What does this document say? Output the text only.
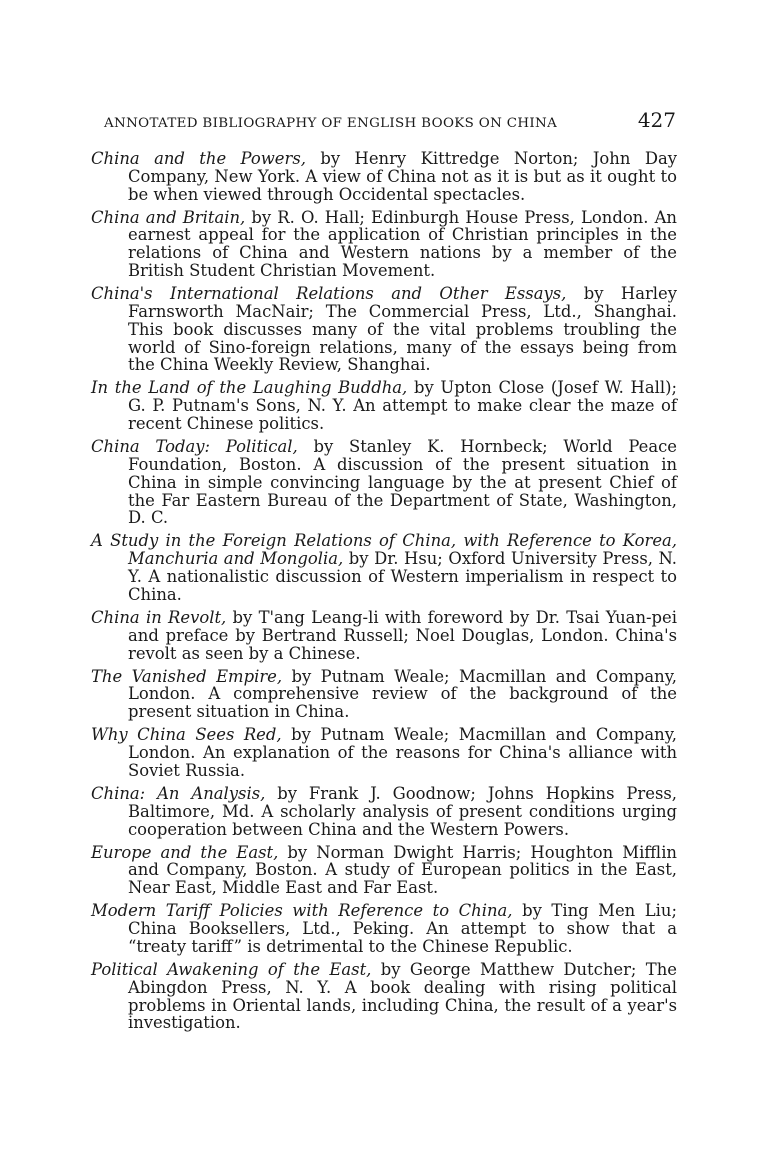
ANNOTATED BIBLIOGRAPHY OF ENGLISH BOOKS ON CHINA	427
China and the Powers, by Henry Kittredge Norton; John Day Company, New York. A view of China not as it is but as it ought to be when viewed through Occidental spectacles.
China and Britain, by R. O. Hall; Edinburgh House Press, London. An earnest appeal for the application of Christian principles in the relations of China and Western nations by a member of the British Student Christian Movement.
China's International Relations and Other Essays, by Harley Farnsworth MacNair; The Commercial Press, Ltd., Shanghai. This book discusses many of the vital problems troubling the world of Sino-foreign relations, many of the essays being from the China Weekly Review, Shanghai.
In the Land of the Laughing Buddha, by Upton Close (Josef W. Hall); G. P. Putnam's Sons, N. Y. An attempt to make clear the maze of recent Chinese politics.
China Today: Political, by Stanley K. Hornbeck; World Peace Foundation, Boston. A discussion of the present situation in China in simple convincing language by the at present Chief of the Far Eastern Bureau of the Department of State, Washington, D. C.
A Study in the Foreign Relations of China, with Reference to Korea, Manchuria and Mongolia, by Dr. Hsu; Oxford University Press, N. Y. A nationalistic discussion of Western imperialism in respect to China.
China in Revolt, by T'ang Leang-li with foreword by Dr. Tsai Yuan-pei and preface by Bertrand Russell; Noel Douglas, London. China's revolt as seen by a Chinese.
The Vanished Empire, by Putnam Weale; Macmillan and Company, London. A comprehensive review of the background of the present situation in China.
Why China Sees Red, by Putnam Weale; Macmillan and Company, London. An explanation of the reasons for China's alliance with Soviet Russia.
China: An Analysis, by Frank J. Goodnow; Johns Hopkins Press, Baltimore, Md. A scholarly analysis of present conditions urging cooperation between China and the Western Powers.
Europe and the East, by Norman Dwight Harris; Houghton Mifflin and Company, Boston. A study of European politics in the East, Near East, Middle East and Far East.
Modern Tariff Policies with Reference to China, by Ting Men Liu; China Booksellers, Ltd., Peking. An attempt to show that a “treaty tariff” is detrimental to the Chinese Republic.
Political Awakening of the East, by George Matthew Dutcher; The Abingdon Press, N. Y. A book dealing with rising political problems in Oriental lands, including China, the result of a year's investigation.
